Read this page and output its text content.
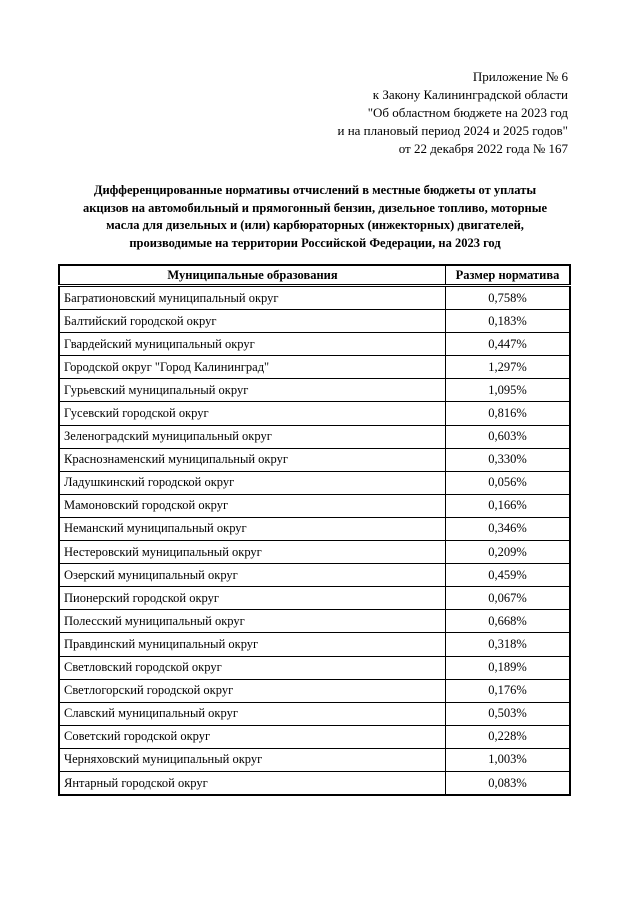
Приложение № 6
к Закону Калининградской области
"Об областном бюджете на 2023 год
и на плановый период 2024 и 2025 годов"
от 22 декабря 2022 года № 167
Дифференцированные нормативы отчислений в местные бюджеты от уплаты
акцизов на автомобильный и прямогонный бензин, дизельное топливо, моторные
масла для дизельных и (или) карбюраторных (инжекторных) двигателей,
производимые на территории Российской Федерации, на 2023 год
Муниципальные образования	Размер норматива
Багратионовский муниципальный округ	0,758%
Балтийский городской округ	0,183%
Гвардейский муниципальный округ	0,447%
Городской округ "Город Калининград"	1,297%
Гурьевский муниципальный округ	1,095%
Гусевский городской округ	0,816%
Зеленоградский муниципальный округ	0,603%
Краснознаменский муниципальный округ	0,330%
Ладушкинский городской округ	0,056%
Мамоновский городской округ	0,166%
Неманский муниципальный округ	0,346%
Нестеровский муниципальный округ	0,209%
Озерский муниципальный округ	0,459%
Пионерский городской округ	0,067%
Полесский муниципальный округ	0,668%
Правдинский муниципальный округ	0,318%
Светловский городской округ	0,189%
Светлогорский городской округ	0,176%
Славский муниципальный округ	0,503%
Советский городской округ	0,228%
Черняховский муниципальный округ	1,003%
Янтарный городской округ	0,083%
